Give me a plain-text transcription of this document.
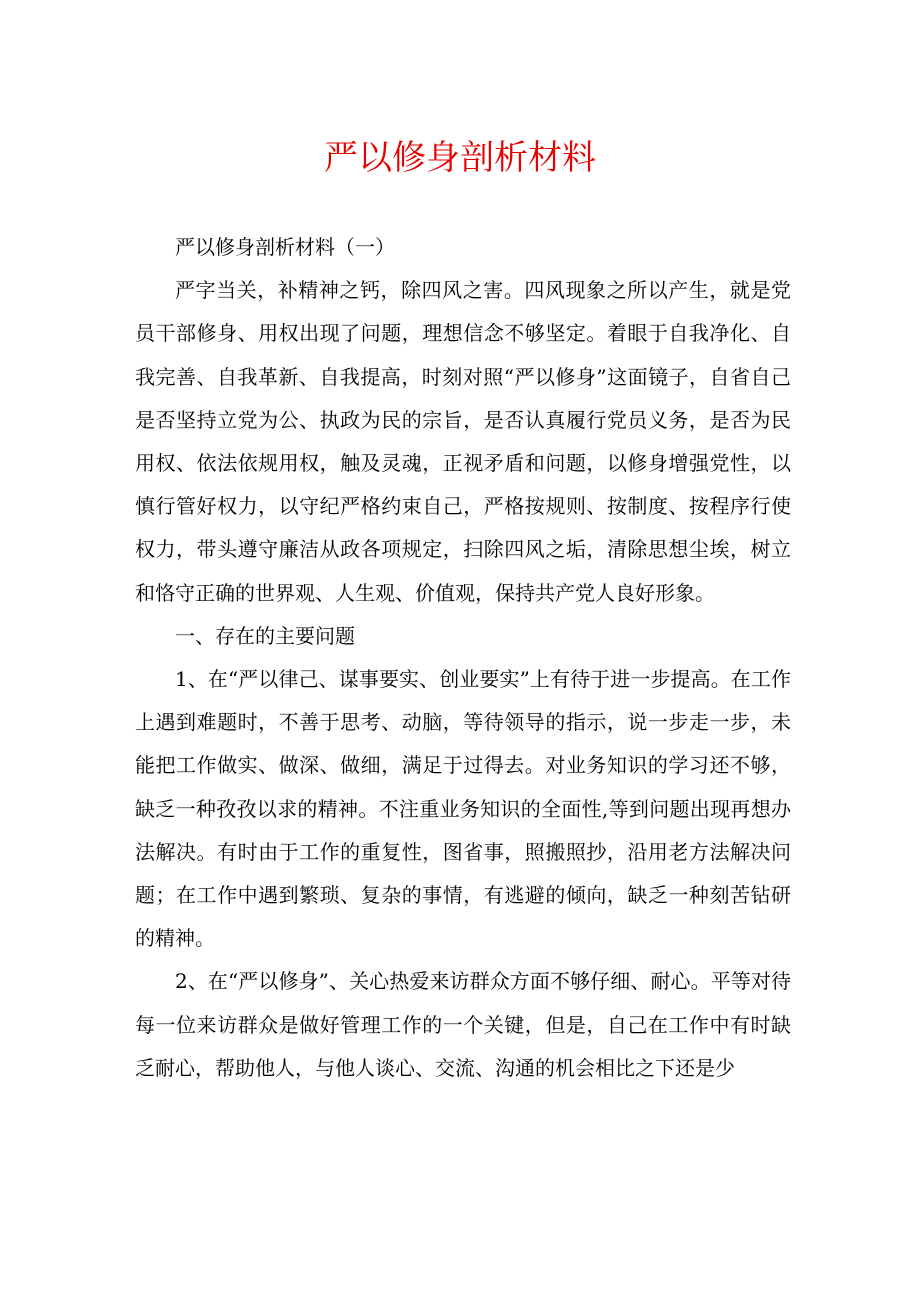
严以修身剖析材料

严以修身剖析材料（一）

严字当关，补精神之钙，除四风之害。四风现象之所以产生，就是党员干部修身、用权出现了问题，理想信念不够坚定。着眼于自我净化、自我完善、自我革新、自我提高，时刻对照“严以修身”这面镜子，自省自己是否坚持立党为公、执政为民的宗旨，是否认真履行党员义务，是否为民用权、依法依规用权，触及灵魂，正视矛盾和问题，以修身增强党性，以慎行管好权力，以守纪严格约束自己，严格按规则、按制度、按程序行使权力，带头遵守廉洁从政各项规定，扫除四风之垢，清除思想尘埃，树立和恪守正确的世界观、人生观、价值观，保持共产党人良好形象。

一、存在的主要问题

1、在“严以律己、谋事要实、创业要实”上有待于进一步提高。在工作上遇到难题时，不善于思考、动脑，等待领导的指示，说一步走一步，未能把工作做实、做深、做细，满足于过得去。对业务知识的学习还不够，缺乏一种孜孜以求的精神。不注重业务知识的全面性,等到问题出现再想办法解决。有时由于工作的重复性，图省事，照搬照抄，沿用老方法解决问题；在工作中遇到繁琐、复杂的事情，有逃避的倾向，缺乏一种刻苦钻研的精神。

2、在“严以修身”、关心热爱来访群众方面不够仔细、耐心。平等对待每一位来访群众是做好管理工作的一个关键，但是，自己在工作中有时缺乏耐心，帮助他人，与他人谈心、交流、沟通的机会相比之下还是少
